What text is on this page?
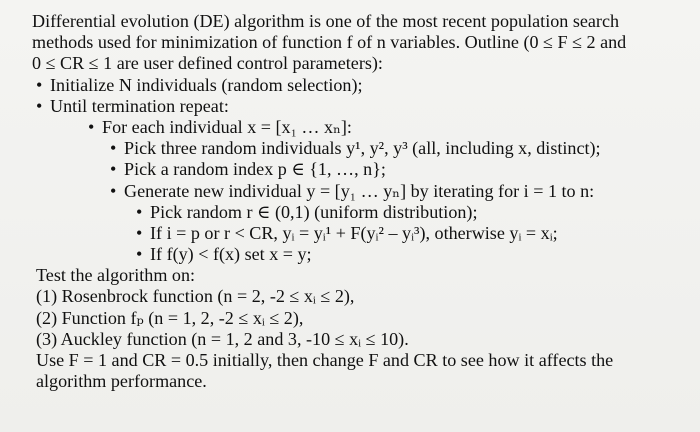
Differential evolution (DE) algorithm is one of the most recent population search
methods used for minimization of function f of n variables. Outline (0 ≤ F ≤ 2 and
0 ≤ CR ≤ 1 are user defined control parameters):
• Initialize N individuals (random selection);
• Until termination repeat:
• For each individual x = [x₁ … xₙ]:
• Pick three random individuals y¹, y², y³ (all, including x, distinct);
• Pick a random index p ∈ {1, …, n};
• Generate new individual y = [y₁ … yₙ] by iterating for i = 1 to n:
• Pick random r ∈ (0,1) (uniform distribution);
• If i = p or r < CR, yᵢ = yᵢ¹ + F(yᵢ² – yᵢ³), otherwise yᵢ = xᵢ;
• If f(y) < f(x) set x = y;
Test the algorithm on:
(1) Rosenbrock function (n = 2, -2 ≤ xᵢ ≤ 2),
(2) Function fₚ (n = 1, 2, -2 ≤ xᵢ ≤ 2),
(3) Auckley function (n = 1, 2 and 3, -10 ≤ xᵢ ≤ 10).
Use F = 1 and CR = 0.5 initially, then change F and CR to see how it affects the
algorithm performance.
